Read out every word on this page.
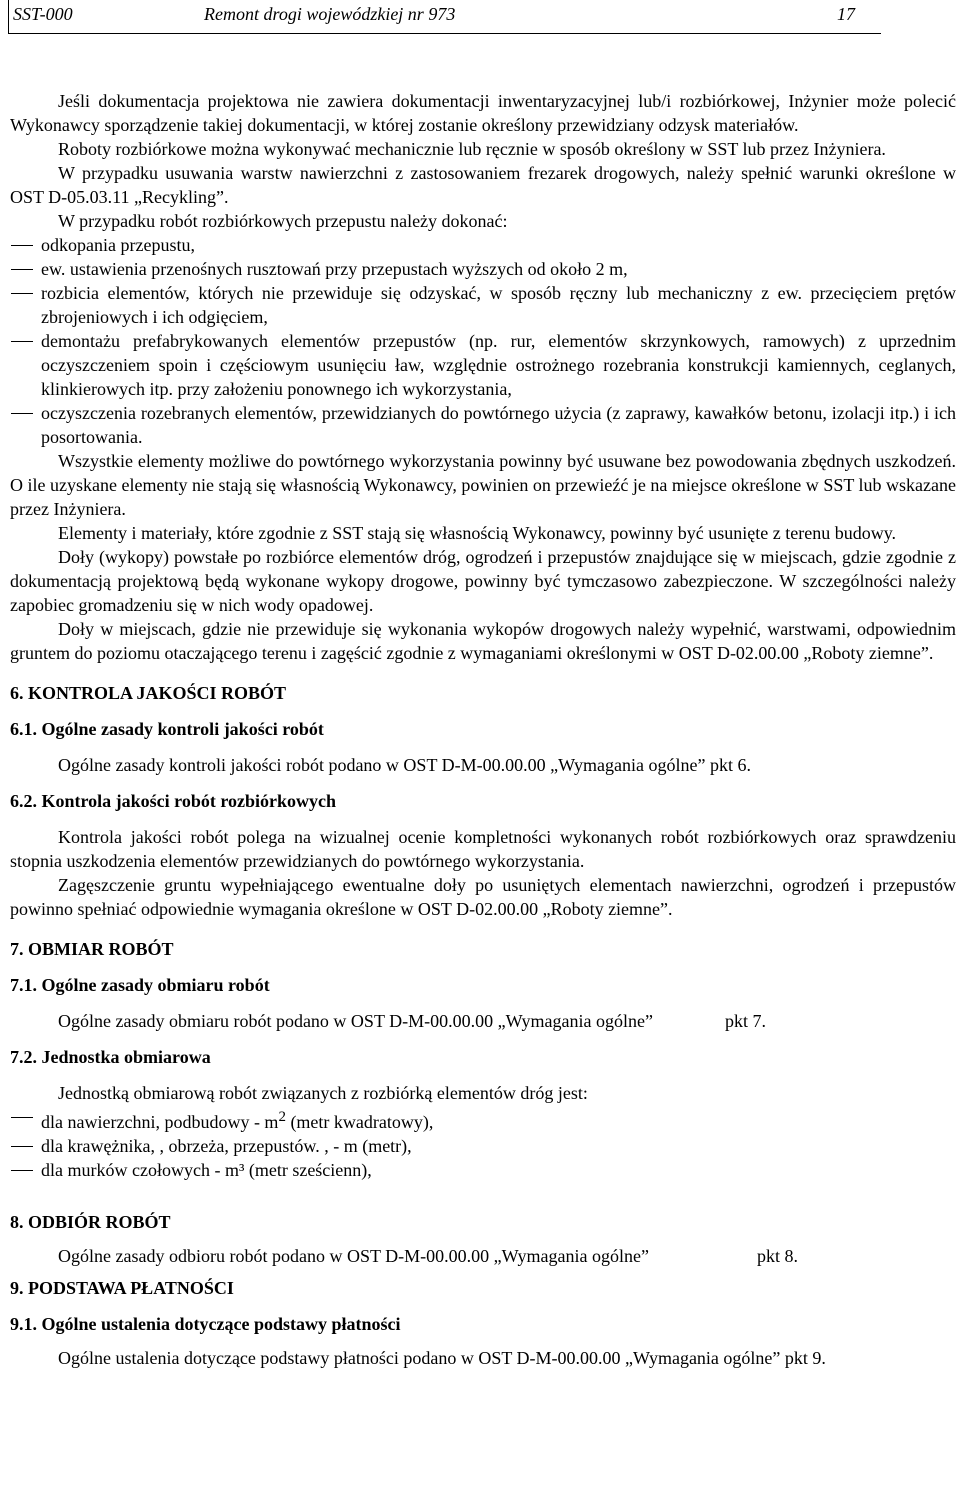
SST-000	Remont drogi wojewódzkiej nr 973	17

Jeśli dokumentacja projektowa nie zawiera dokumentacji inwentaryzacyjnej lub/i rozbiórkowej, Inżynier może polecić Wykonawcy sporządzenie takiej dokumentacji, w której zostanie określony przewidziany odzysk materiałów.

Roboty rozbiórkowe można wykonywać mechanicznie lub ręcznie w sposób określony w SST lub przez Inżyniera.

W przypadku usuwania warstw nawierzchni z zastosowaniem frezarek drogowych, należy spełnić warunki określone w OST D-05.03.11 „Recykling”.

W przypadku robót rozbiórkowych przepustu należy dokonać:

odkopania przepustu,
ew. ustawienia przenośnych rusztowań przy przepustach wyższych od około 2 m,
rozbicia elementów, których nie przewiduje się odzyskać, w sposób ręczny lub mechaniczny z ew. przecięciem prętów zbrojeniowych i ich odgięciem,
demontażu prefabrykowanych elementów przepustów (np. rur, elementów skrzynkowych, ramowych) z uprzednim oczyszczeniem spoin i częściowym usunięciu ław, względnie ostrożnego rozebrania konstrukcji kamiennych, ceglanych, klinkierowych itp. przy założeniu ponownego ich wykorzystania,
oczyszczenia rozebranych elementów, przewidzianych do powtórnego użycia (z zaprawy, kawałków betonu, izolacji itp.) i ich posortowania.

Wszystkie elementy możliwe do powtórnego wykorzystania powinny być usuwane bez powodowania zbędnych uszkodzeń. O ile uzyskane elementy nie stają się własnością Wykonawcy, powinien on przewieźć je na miejsce określone w SST lub wskazane przez Inżyniera.

Elementy i materiały, które zgodnie z SST stają się własnością Wykonawcy, powinny być usunięte z terenu budowy.

Doły (wykopy) powstałe po rozbiórce elementów dróg, ogrodzeń i przepustów znajdujące się w miejscach, gdzie zgodnie z dokumentacją projektową będą wykonane wykopy drogowe, powinny być tymczasowo zabezpieczone. W szczególności należy zapobiec gromadzeniu się w nich wody opadowej.

Doły w miejscach, gdzie nie przewiduje się wykonania wykopów drogowych należy wypełnić, warstwami, odpowiednim gruntem do poziomu otaczającego terenu i zagęścić zgodnie z wymaganiami określonymi w OST D-02.00.00 „Roboty ziemne”.

6. KONTROLA JAKOŚCI ROBÓT
6.1. Ogólne zasady kontroli jakości robót

Ogólne zasady kontroli jakości robót podano w OST D-M-00.00.00 „Wymagania ogólne” pkt 6.

6.2. Kontrola jakości robót rozbiórkowych

Kontrola jakości robót polega na wizualnej ocenie kompletności wykonanych robót rozbiórkowych oraz sprawdzeniu stopnia uszkodzenia elementów przewidzianych do powtórnego wykorzystania.

Zagęszczenie gruntu wypełniającego ewentualne doły po usuniętych elementach nawierzchni, ogrodzeń i przepustów powinno spełniać odpowiednie wymagania określone w OST D-02.00.00 „Roboty ziemne”.

7. OBMIAR ROBÓT
7.1. Ogólne zasady obmiaru robót

Ogólne zasady obmiaru robót podano w OST D-M-00.00.00 „Wymagania ogólne”	pkt 7.

7.2. Jednostka obmiarowa

Jednostką obmiarową robót związanych z rozbiórką elementów dróg jest:

dla nawierzchni, podbudowy - $m^2$ (metr kwadratowy),
dla krawężnika, , obrzeża, przepustów. , - m (metr),
dla murków czołowych - m³ (metr sześcienn),
8. ODBIÓR ROBÓT

Ogólne zasady odbioru robót podano w OST D-M-00.00.00 „Wymagania ogólne”	pkt 8.

9. PODSTAWA PŁATNOŚCI
9.1. Ogólne ustalenia dotyczące podstawy płatności

Ogólne ustalenia dotyczące podstawy płatności podano w OST D-M-00.00.00 „Wymagania ogólne” pkt 9.
